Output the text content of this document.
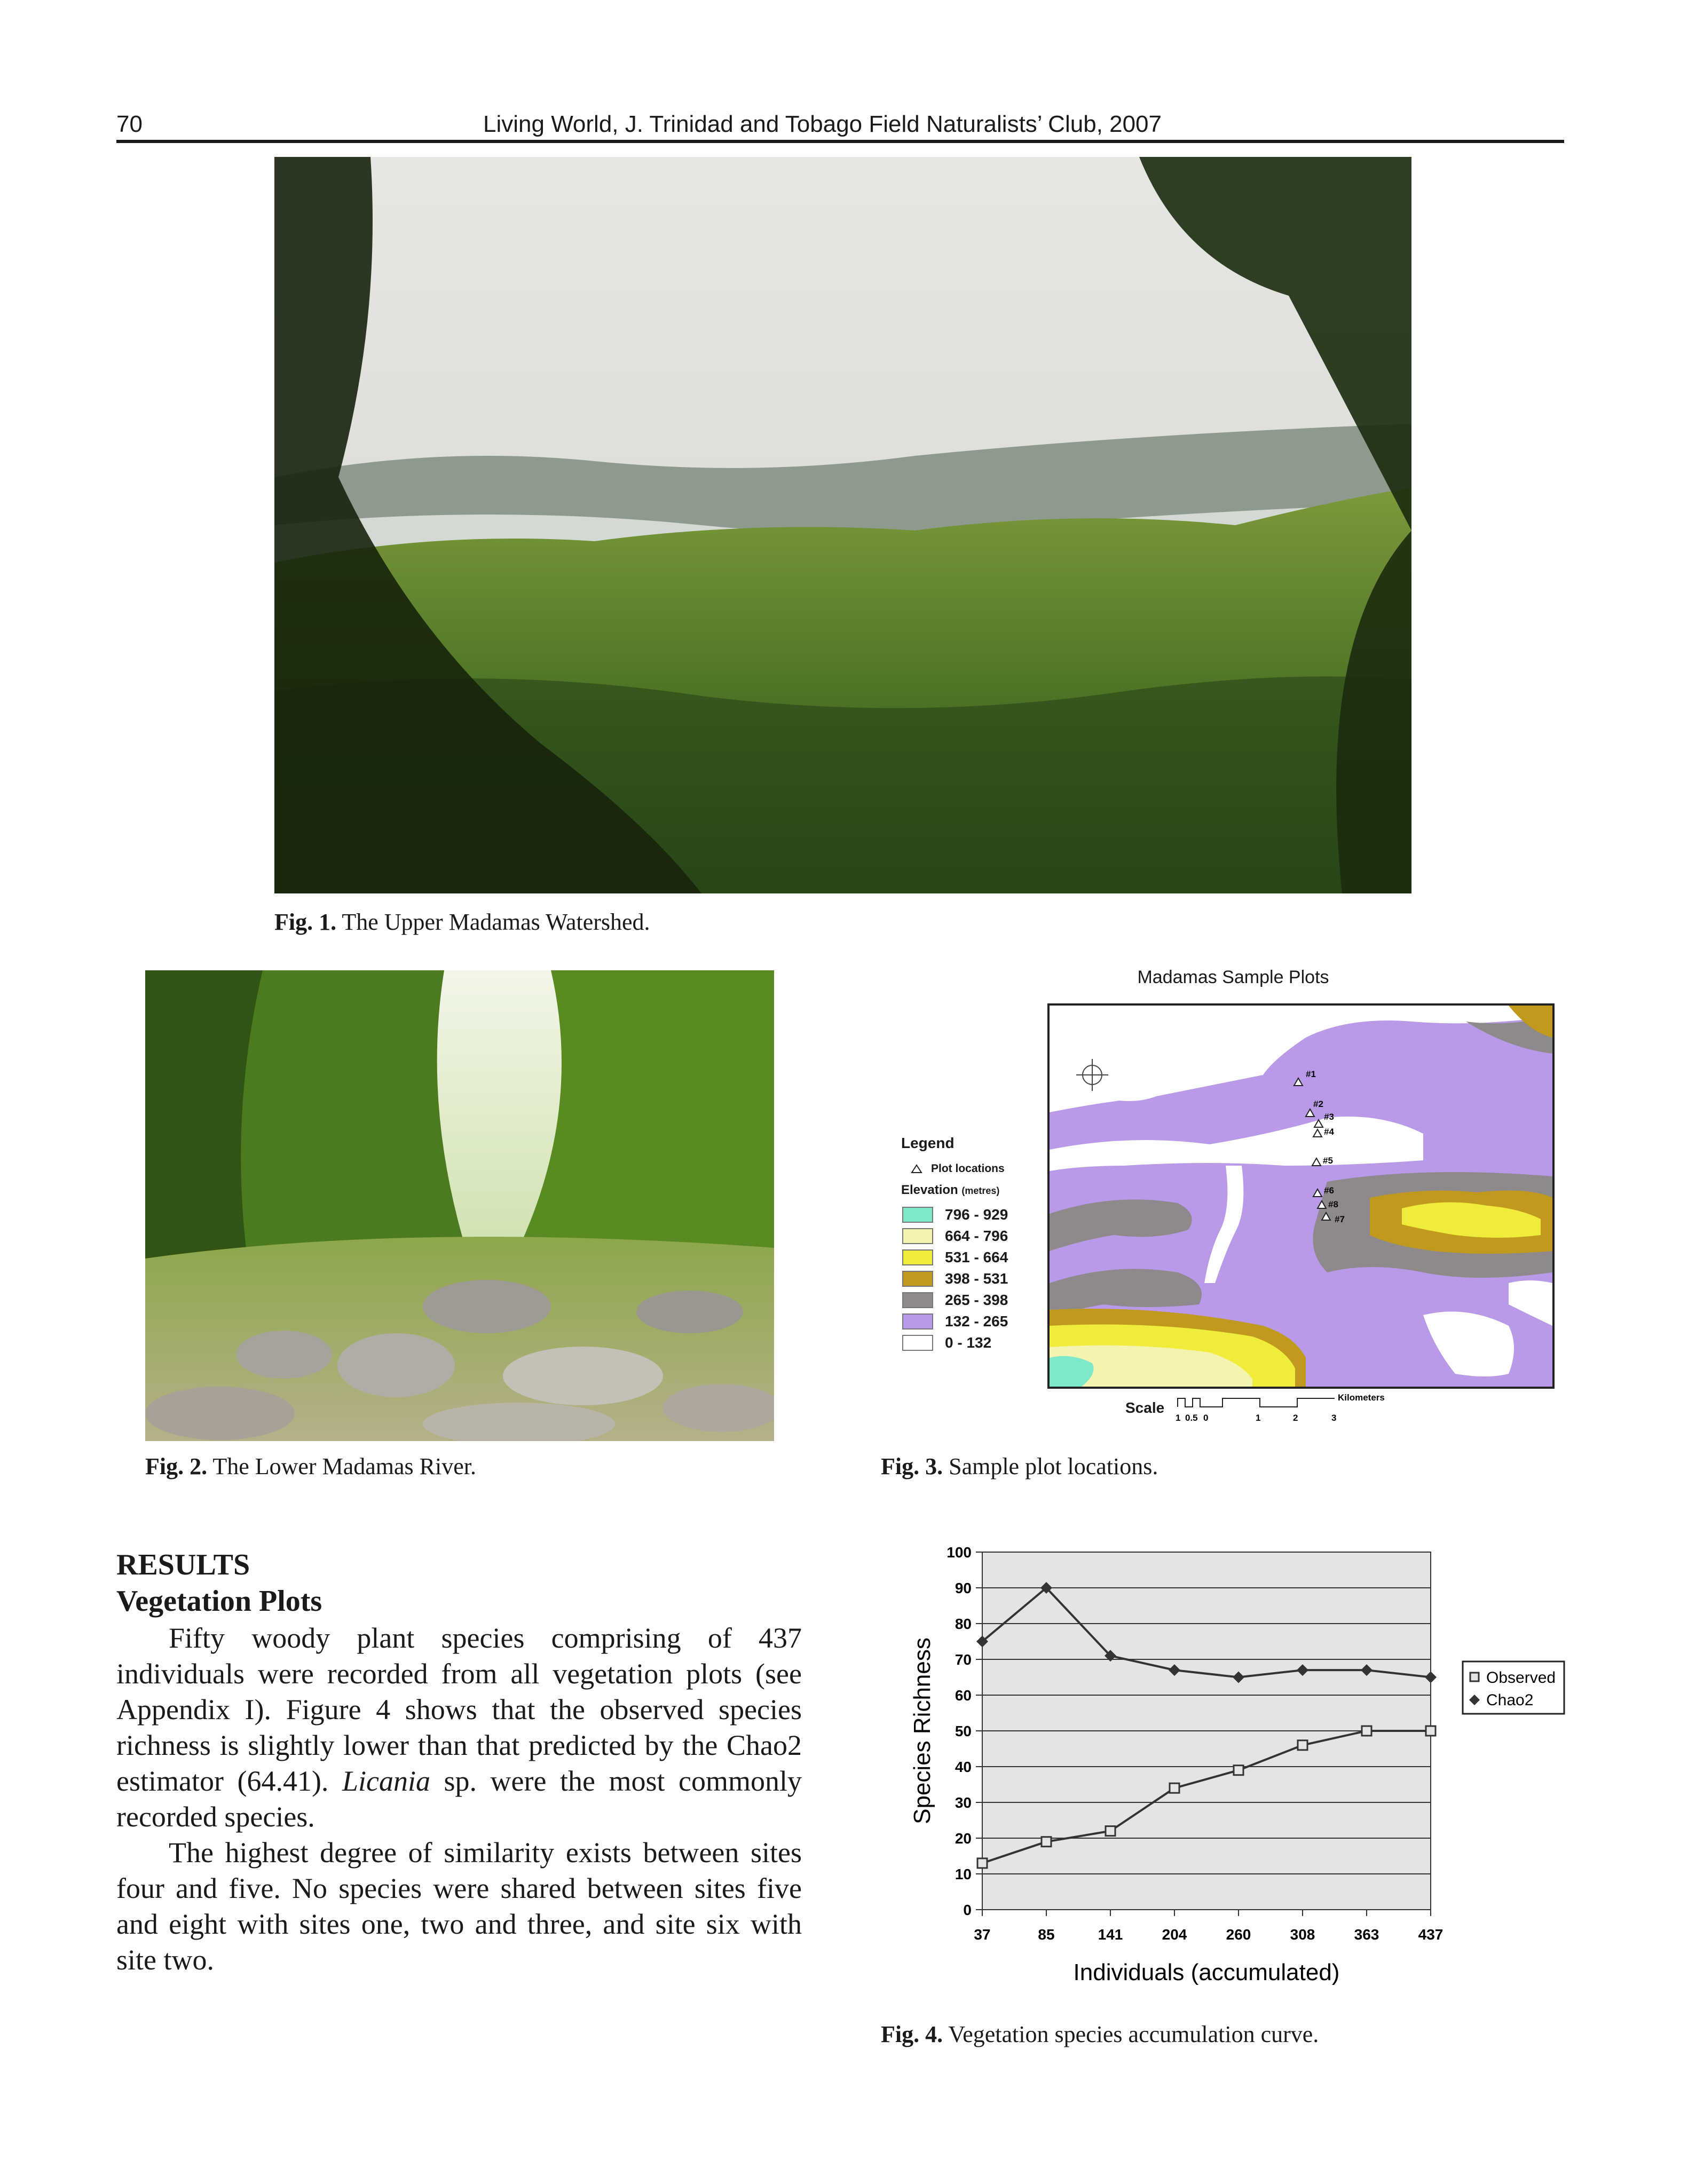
70	Living World, J. Trinidad and Tobago Field Naturalists’ Club, 2007
Fig. 1. The Upper Madamas Watershed.
Fig. 2. The Lower Madamas River.
Madamas Sample Plots
#1
#2
#3
#4
#5
#6
#8
#7
Legend
Plot locations
Elevation (metres)
796 - 929
664 - 796
531 - 664
398 - 531
265 - 398
132 - 265
0 - 132
Scale
1 0.5 0	1	2	3
Kilometers
Fig. 3. Sample plot locations.
RESULTS
Vegetation Plots

Fifty woody plant species comprising of 437 individuals were recorded from all vegetation plots (see Appendix I). Figure 4 shows that the observed species richness is slightly lower than that predicted by the Chao2 estimator (64.41). Licania sp. were the most commonly recorded species.

The highest degree of similarity exists between sites four and five. No species were shared between sites five and eight with sites one, two and three, and site six with site two.

0
10
20
30
40
50
60
70
80
90
100
37	85	141	204	260	308	363	437
Species Richness
Individuals (accumulated)
Observed
Chao2
Fig. 4. Vegetation species accumulation curve.
